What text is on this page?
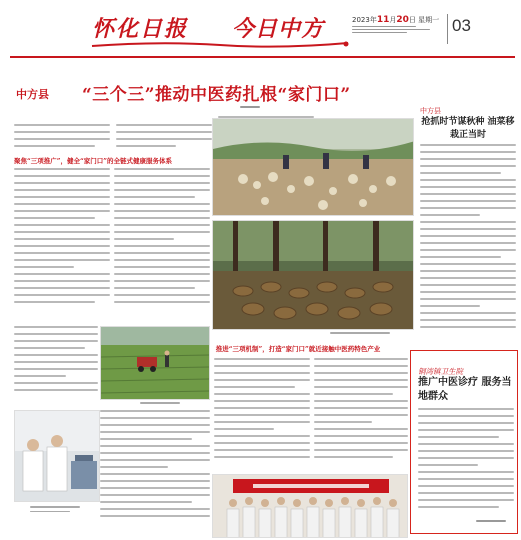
怀化日报 今日中方	2023年11月20日 星期一 03
中方县 “三个三”推动中医药扎根“家门口”
聚焦“三项推广”，健全“家门口”的全链式健康服务体系
推进“三项机制”，打造“家门口”就近接触中医药特色产业
中方县
抢抓时节谋秋种 油菜移栽正当时
铜湾镇卫生院
推广中医诊疗 服务当地群众
